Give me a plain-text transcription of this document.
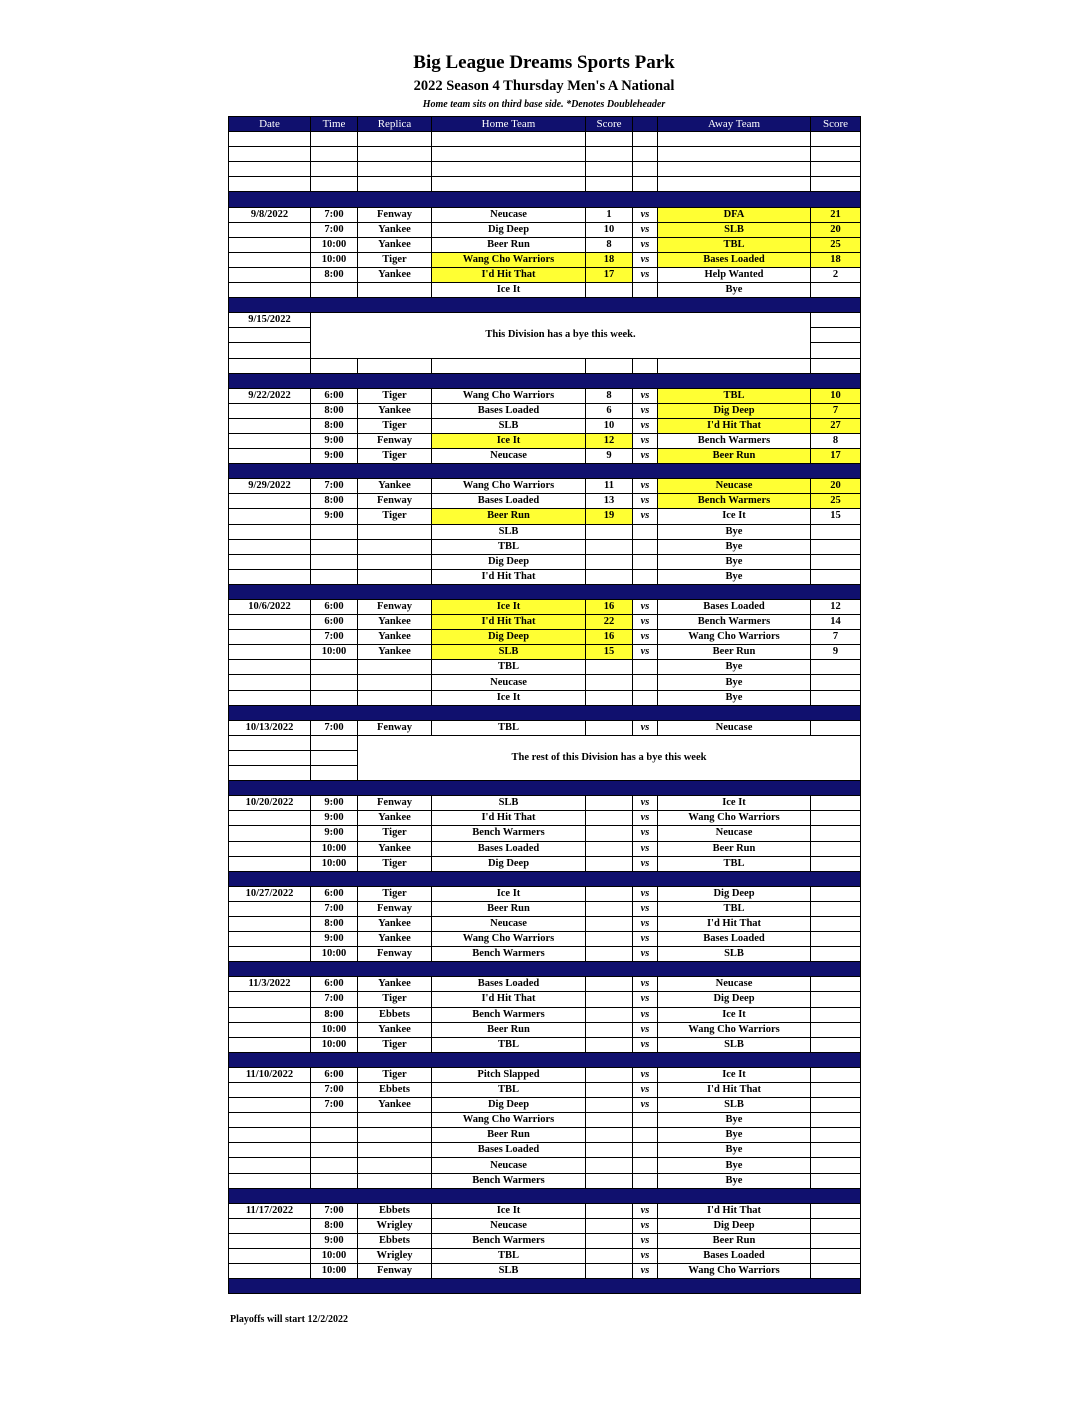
Big League Dreams Sports Park
2022 Season 4 Thursday Men's A National
Home team sits on third base side. *Denotes Doubleheader
Date	Time	Replica	Home Team	Score		Away Team	Score

9/8/2022	7:00	Fenway	Neucase	1	vs	DFA	21
	7:00	Yankee	Dig Deep	10	vs	SLB	20
	10:00	Yankee	Beer Run	8	vs	TBL	25
	10:00	Tiger	Wang Cho Warriors	18	vs	Bases Loaded	18
	8:00	Yankee	I'd Hit That	17	vs	Help Wanted	2
			Ice It			Bye	

9/15/2022	This Division has a bye this week.						

9/22/2022	6:00	Tiger	Wang Cho Warriors	8	vs	TBL	10
	8:00	Yankee	Bases Loaded	6	vs	Dig Deep	7
	8:00	Tiger	SLB	10	vs	I'd Hit That	27
	9:00	Fenway	Ice It	12	vs	Bench Warmers	8
	9:00	Tiger	Neucase	9	vs	Beer Run	17

9/29/2022	7:00	Yankee	Wang Cho Warriors	11	vs	Neucase	20
	8:00	Fenway	Bases Loaded	13	vs	Bench Warmers	25
	9:00	Tiger	Beer Run	19	vs	Ice It	15
			SLB			Bye	
			TBL			Bye	
			Dig Deep			Bye	
			I'd Hit That			Bye	

10/6/2022	6:00	Fenway	Ice It	16	vs	Bases Loaded	12
	6:00	Yankee	I'd Hit That	22	vs	Bench Warmers	14
	7:00	Yankee	Dig Deep	16	vs	Wang Cho Warriors	7
	10:00	Yankee	SLB	15	vs	Beer Run	9
			TBL			Bye	
			Neucase			Bye	
			Ice It			Bye	

10/13/2022	7:00	Fenway	TBL		vs	Neucase	
		The rest of this Division has a bye this week					

10/20/2022	9:00	Fenway	SLB		vs	Ice It	
	9:00	Yankee	I'd Hit That		vs	Wang Cho Warriors	
	9:00	Tiger	Bench Warmers		vs	Neucase	
	10:00	Yankee	Bases Loaded		vs	Beer Run	
	10:00	Tiger	Dig Deep		vs	TBL	

10/27/2022	6:00	Tiger	Ice It		vs	Dig Deep	
	7:00	Fenway	Beer Run		vs	TBL	
	8:00	Yankee	Neucase		vs	I'd Hit That	
	9:00	Yankee	Wang Cho Warriors		vs	Bases Loaded	
	10:00	Fenway	Bench Warmers		vs	SLB	

11/3/2022	6:00	Yankee	Bases Loaded		vs	Neucase	
	7:00	Tiger	I'd Hit That		vs	Dig Deep	
	8:00	Ebbets	Bench Warmers		vs	Ice It	
	10:00	Yankee	Beer Run		vs	Wang Cho Warriors	
	10:00	Tiger	TBL		vs	SLB	

11/10/2022	6:00	Tiger	Pitch Slapped		vs	Ice It	
	7:00	Ebbets	TBL		vs	I'd Hit That	
	7:00	Yankee	Dig Deep		vs	SLB	
			Wang Cho Warriors			Bye	
			Beer Run			Bye	
			Bases Loaded			Bye	
			Neucase			Bye	
			Bench Warmers			Bye	

11/17/2022	7:00	Ebbets	Ice It		vs	I'd Hit That	
	8:00	Wrigley	Neucase		vs	Dig Deep	
	9:00	Ebbets	Bench Warmers		vs	Beer Run	
	10:00	Wrigley	TBL		vs	Bases Loaded	
	10:00	Fenway	SLB		vs	Wang Cho Warriors	

Playoffs will start 12/2/2022
